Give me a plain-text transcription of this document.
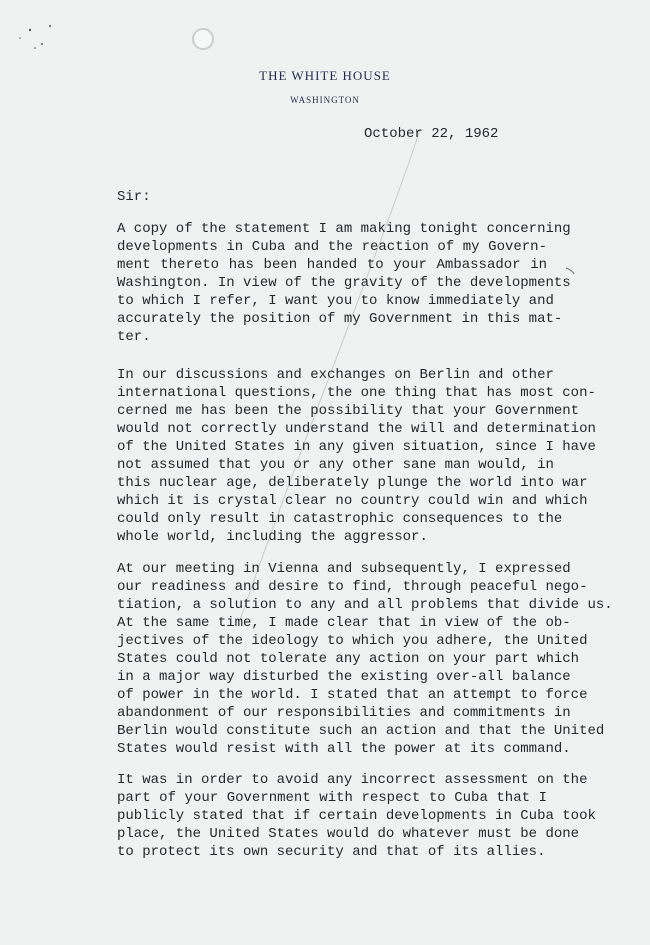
THE WHITE HOUSE
WASHINGTON
October 22, 1962
Sir:
A copy of the statement I am making tonight concerning
developments in Cuba and the reaction of my Govern-
ment thereto has been handed to your Ambassador in
Washington. In view of the gravity of the developments
to which I refer, I want you to know immediately and
accurately the position of my Government in this mat-
ter.
In our discussions and exchanges on Berlin and other
international questions, the one thing that has most con-
cerned me has been the possibility that your Government
would not correctly understand the will and determination
of the United States in any given situation, since I have
not assumed that you or any other sane man would, in
this nuclear age, deliberately plunge the world into war
which it is crystal clear no country could win and which
could only result in catastrophic consequences to the
whole world, including the aggressor.
At our meeting in Vienna and subsequently, I expressed
our readiness and desire to find, through peaceful nego-
tiation, a solution to any and all problems that divide us.
At the same time, I made clear that in view of the ob-
jectives of the ideology to which you adhere, the United
States could not tolerate any action on your part which
in a major way disturbed the existing over-all balance
of power in the world. I stated that an attempt to force
abandonment of our responsibilities and commitments in
Berlin would constitute such an action and that the United
States would resist with all the power at its command.
It was in order to avoid any incorrect assessment on the
part of your Government with respect to Cuba that I
publicly stated that if certain developments in Cuba took
place, the United States would do whatever must be done
to protect its own security and that of its allies.
